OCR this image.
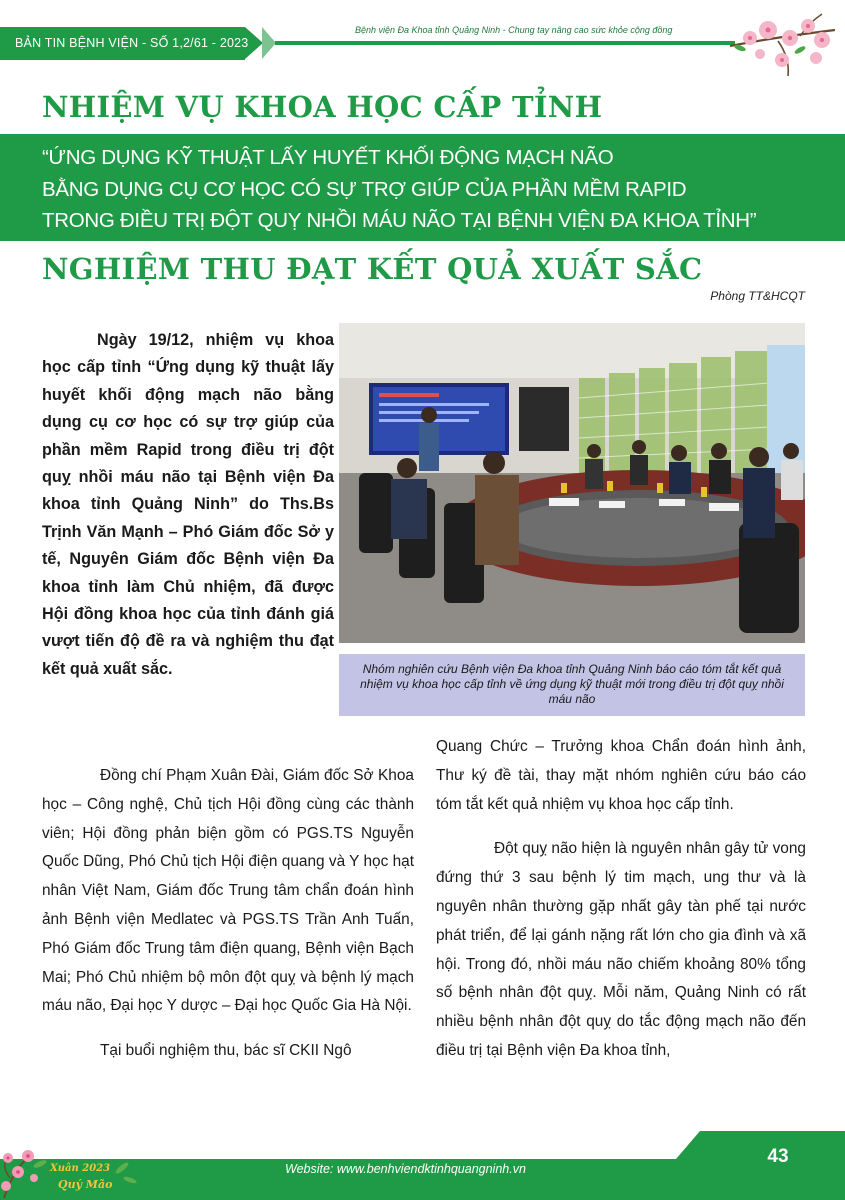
BẢN TIN BỆNH VIỆN - SỐ 1,2/61 - 2023
Bệnh viện Đa Khoa tỉnh Quảng Ninh - Chung tay nâng cao sức khỏe cộng đồng
NHIỆM VỤ KHOA HỌC CẤP TỈNH
“ỨNG DỤNG KỸ THUẬT LẤY HUYẾT KHỐI ĐỘNG MẠCH NÃO
BẰNG DỤNG CỤ CƠ HỌC CÓ SỰ TRỢ GIÚP CỦA PHẦN MỀM RAPID
TRONG ĐIỀU TRỊ ĐỘT QUỴ NHỒI MÁU NÃO TẠI BỆNH VIỆN ĐA KHOA TỈNH”
NGHIỆM THU ĐẠT KẾT QUẢ XUẤT SẮC
Phòng TT&HCQT

Ngày 19/12, nhiệm vụ khoa học cấp tỉnh “Ứng dụng kỹ thuật lấy huyết khối động mạch não bằng dụng cụ cơ học có sự trợ giúp của phần mềm Rapid trong điều trị đột quỵ nhồi máu não tại Bệnh viện Đa khoa tỉnh Quảng Ninh” do Ths.Bs Trịnh Văn Mạnh – Phó Giám đốc Sở y tế, Nguyên Giám đốc Bệnh viện Đa khoa tỉnh làm Chủ nhiệm, đã được Hội đồng khoa học của tỉnh đánh giá vượt tiến độ đề ra và nghiệm thu đạt kết quả xuất sắc.	Nhóm nghiên cứu Bệnh viện Đa khoa tỉnh Quảng Ninh báo cáo tóm tắt kết quả nhiệm vụ khoa học cấp tỉnh về ứng dụng kỹ thuật mới trong điều trị đột quỵ nhồi máu não

Đồng chí Phạm Xuân Đài, Giám đốc Sở Khoa học – Công nghệ, Chủ tịch Hội đồng cùng các thành viên; Hội đồng phản biện gồm có PGS.TS Nguyễn Quốc Dũng, Phó Chủ tịch Hội điện quang và Y học hạt nhân Việt Nam, Giám đốc Trung tâm chẩn đoán hình ảnh Bệnh viện Medlatec và PGS.TS Trần Anh Tuấn, Phó Giám đốc Trung tâm điện quang, Bệnh viện Bạch Mai; Phó Chủ nhiệm bộ môn đột quỵ và bệnh lý mạch máu não, Đại học Y dược – Đại học Quốc Gia Hà Nội.

Tại buổi nghiệm thu, bác sĩ CKII Ngô

Quang Chức – Trưởng khoa Chẩn đoán hình ảnh, Thư ký đề tài, thay mặt nhóm nghiên cứu báo cáo tóm tắt kết quả nhiệm vụ khoa học cấp tỉnh.

Đột quỵ não hiện là nguyên nhân gây tử vong đứng thứ 3 sau bệnh lý tim mạch, ung thư và là nguyên nhân thường gặp nhất gây tàn phế tại nước phát triển, để lại gánh nặng rất lớn cho gia đình và xã hội. Trong đó, nhồi máu não chiếm khoảng 80% tổng số bệnh nhân đột quỵ. Mỗi năm, Quảng Ninh có rất nhiều bệnh nhân đột quỵ do tắc động mạch não đến điều trị tại Bệnh viện Đa khoa tỉnh,

43
Website: www.benhviendktinhquangninh.vn
Xuân 2023
Quý Mão
